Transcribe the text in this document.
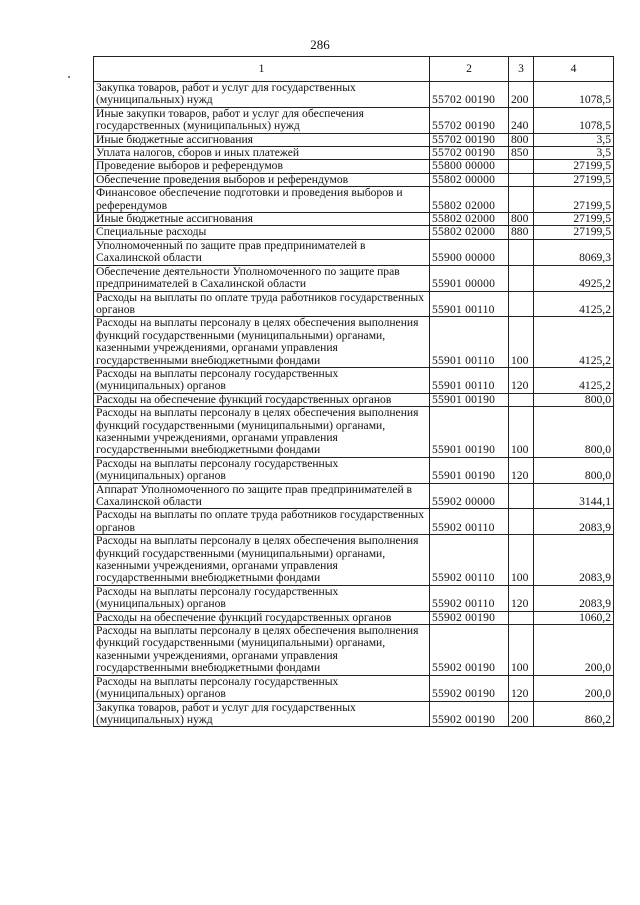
286
1	2	3	4
Закупка товаров, работ и услуг для государственных (муниципальных) нужд	55702 00190	200	1078,5
Иные закупки товаров, работ и услуг для обеспечения государственных (муниципальных) нужд	55702 00190	240	1078,5
Иные бюджетные ассигнования	55702 00190	800	3,5
Уплата налогов, сборов и иных платежей	55702 00190	850	3,5
Проведение выборов и референдумов	55800 00000		27199,5
Обеспечение проведения выборов и референдумов	55802 00000		27199,5
Финансовое обеспечение подготовки и проведения выборов и референдумов	55802 02000		27199,5
Иные бюджетные ассигнования	55802 02000	800	27199,5
Специальные расходы	55802 02000	880	27199,5
Уполномоченный по защите прав предпринимателей в Сахалинской области	55900 00000		8069,3
Обеспечение деятельности Уполномоченного по защите прав предпринимателей в Сахалинской области	55901 00000		4925,2
Расходы на выплаты по оплате труда работников государственных органов	55901 00110		4125,2
Расходы на выплаты персоналу в целях обеспечения выполнения функций государственными (муниципальными) органами, казенными учреждениями, органами управления государственными внебюджетными фондами	55901 00110	100	4125,2
Расходы на выплаты персоналу государственных (муниципальных) органов	55901 00110	120	4125,2
Расходы на обеспечение функций государственных органов	55901 00190		800,0
Расходы на выплаты персоналу в целях обеспечения выполнения функций государственными (муниципальными) органами, казенными учреждениями, органами управления государственными внебюджетными фондами	55901 00190	100	800,0
Расходы на выплаты персоналу государственных (муниципальных) органов	55901 00190	120	800,0
Аппарат Уполномоченного по защите прав предпринимателей в Сахалинской области	55902 00000		3144,1
Расходы на выплаты по оплате труда работников государственных органов	55902 00110		2083,9
Расходы на выплаты персоналу в целях обеспечения выполнения функций государственными (муниципальными) органами, казенными учреждениями, органами управления государственными внебюджетными фондами	55902 00110	100	2083,9
Расходы на выплаты персоналу государственных (муниципальных) органов	55902 00110	120	2083,9
Расходы на обеспечение функций государственных органов	55902 00190		1060,2
Расходы на выплаты персоналу в целях обеспечения выполнения функций государственными (муниципальными) органами, казенными учреждениями, органами управления государственными внебюджетными фондами	55902 00190	100	200,0
Расходы на выплаты персоналу государственных (муниципальных) органов	55902 00190	120	200,0
Закупка товаров, работ и услуг для государственных (муниципальных) нужд	55902 00190	200	860,2
